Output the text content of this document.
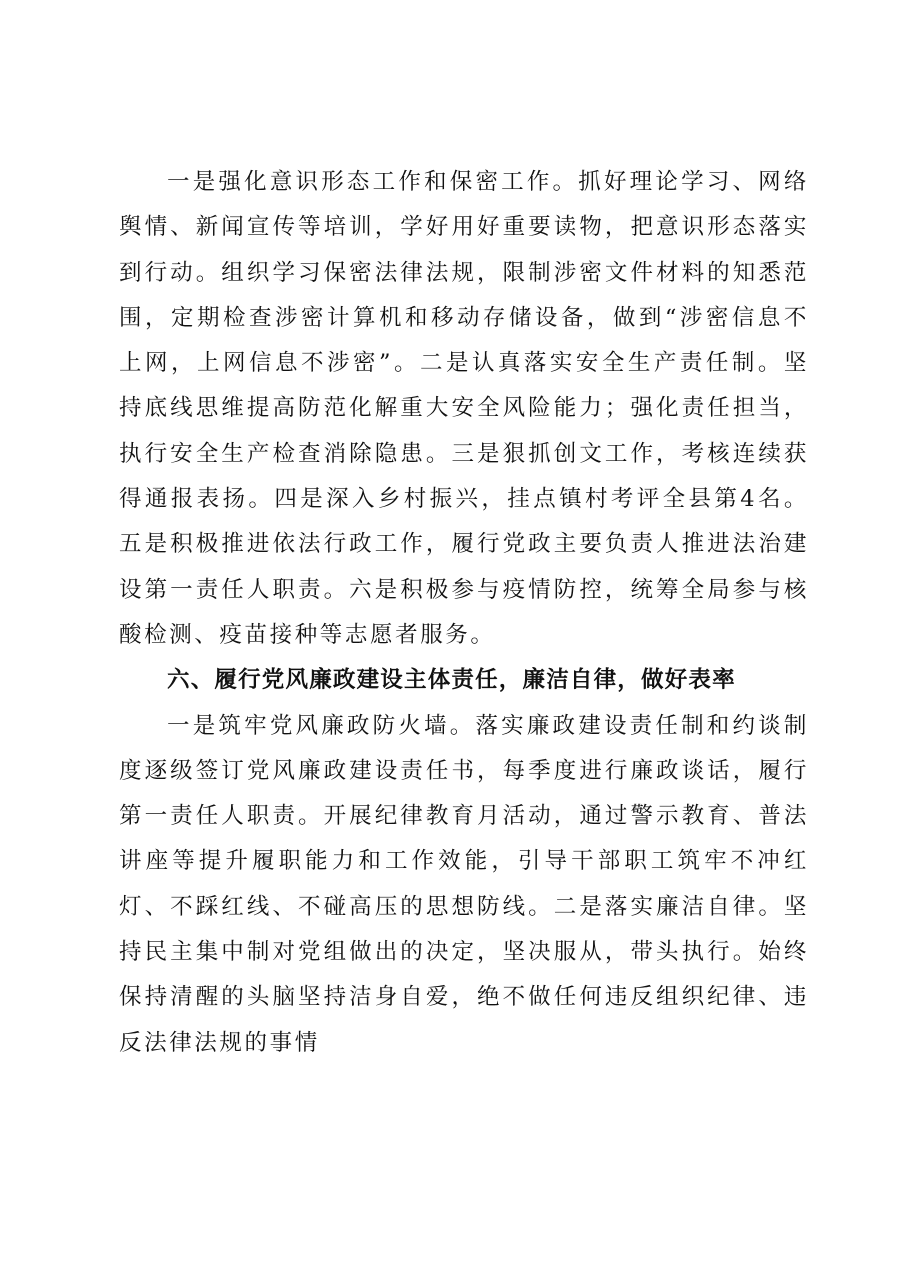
一是强化意识形态工作和保密工作。抓好理论学习、网络舆情、新闻宣传等培训，学好用好重要读物，把意识形态落实到行动。组织学习保密法律法规，限制涉密文件材料的知悉范围，定期检查涉密计算机和移动存储设备，做到“涉密信息不上网，上网信息不涉密”。二是认真落实安全生产责任制。坚持底线思维提高防范化解重大安全风险能力；强化责任担当，执行安全生产检查消除隐患。三是狠抓创文工作，考核连续获得通报表扬。四是深入乡村振兴，挂点镇村考评全县第4名。五是积极推进依法行政工作，履行党政主要负责人推进法治建设第一责任人职责。六是积极参与疫情防控，统筹全局参与核酸检测、疫苗接种等志愿者服务。

六、履行党风廉政建设主体责任，廉洁自律，做好表率

一是筑牢党风廉政防火墙。落实廉政建设责任制和约谈制度逐级签订党风廉政建设责任书，每季度进行廉政谈话，履行第一责任人职责。开展纪律教育月活动，通过警示教育、普法讲座等提升履职能力和工作效能，引导干部职工筑牢不冲红灯、不踩红线、不碰高压的思想防线。二是落实廉洁自律。坚持民主集中制对党组做出的决定，坚决服从，带头执行。始终保持清醒的头脑坚持洁身自爱，绝不做任何违反组织纪律、违反法律法规的事情
